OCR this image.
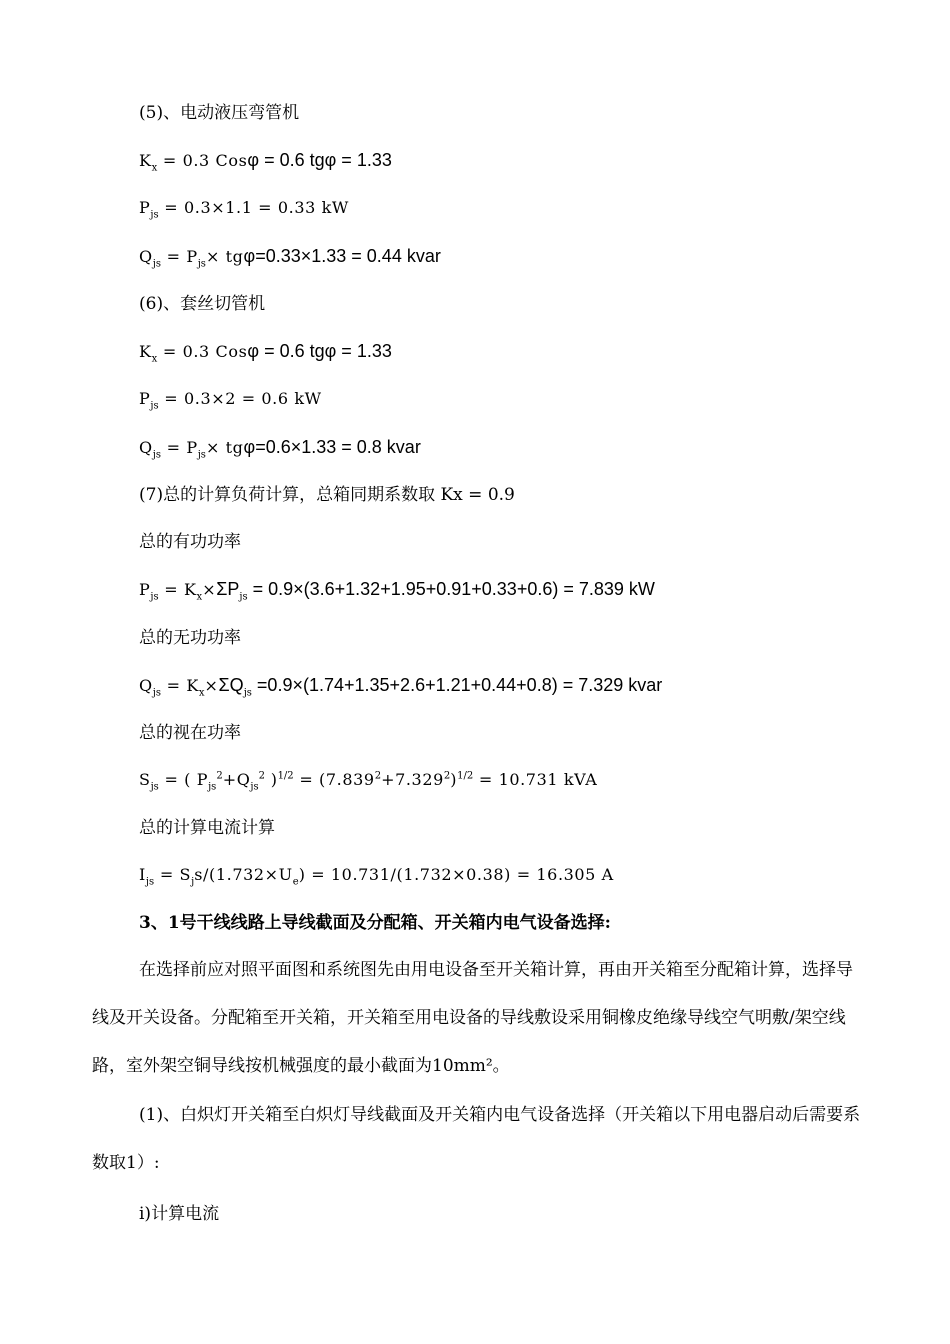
(5)、电动液压弯管机
$K_x = 0.3$ Cosφ = 0.6 tgφ = 1.33
$P_{js} = 0.3\times 1.1 = 0.33$ kW
$Q_{js} = P_{js}\times tg\varphi=0.33\times 1.33 = 0.44$ kvar
(6)、套丝切管机
$K_x = 0.3$ Cosφ = 0.6 tgφ = 1.33
$P_{js} = 0.3\times 2 = 0.6$ kW
$Q_{js} = P_{js}\times tg\varphi=0.6\times 1.33 = 0.8$ kvar
(7)总的计算负荷计算，总箱同期系数取 Kx = 0.9
总的有功功率
$P_{js} = K_x\times\Sigma P_{js} = 0.9\times(3.6+1.32+1.95+0.91+0.33+0.6) = 7.839$ kW
总的无功功率
$Q_{js} = K_x\times\Sigma Q_{js} =0.9\times(1.74+1.35+2.6+1.21+0.44+0.8) = 7.329$ kvar
总的视在功率
$S_{js}$ = ( $P_{js}^2+Q_{js}^2$ )$^{1/2} = (7.839^2+7.329^2)^{1/2} = 10.731$ kVA
总的计算电流计算
$I_{js} = S_js/(1.732\times U_e) = 10.731/(1.732\times 0.38) = 16.305$ A
3、1号干线线路上导线截面及分配箱、开关箱内电气设备选择:
在选择前应对照平面图和系统图先由用电设备至开关箱计算，再由开关箱至分配箱计算，选择导线及开关设备。分配箱至开关箱，开关箱至用电设备的导线敷设采用铜橡皮绝缘导线空气明敷/架空线路，室外架空铜导线按机械强度的最小截面为10mm²。
(1)、白炽灯开关箱至白炽灯导线截面及开关箱内电气设备选择（开关箱以下用电器启动后需要系数取1）:
i)计算电流
